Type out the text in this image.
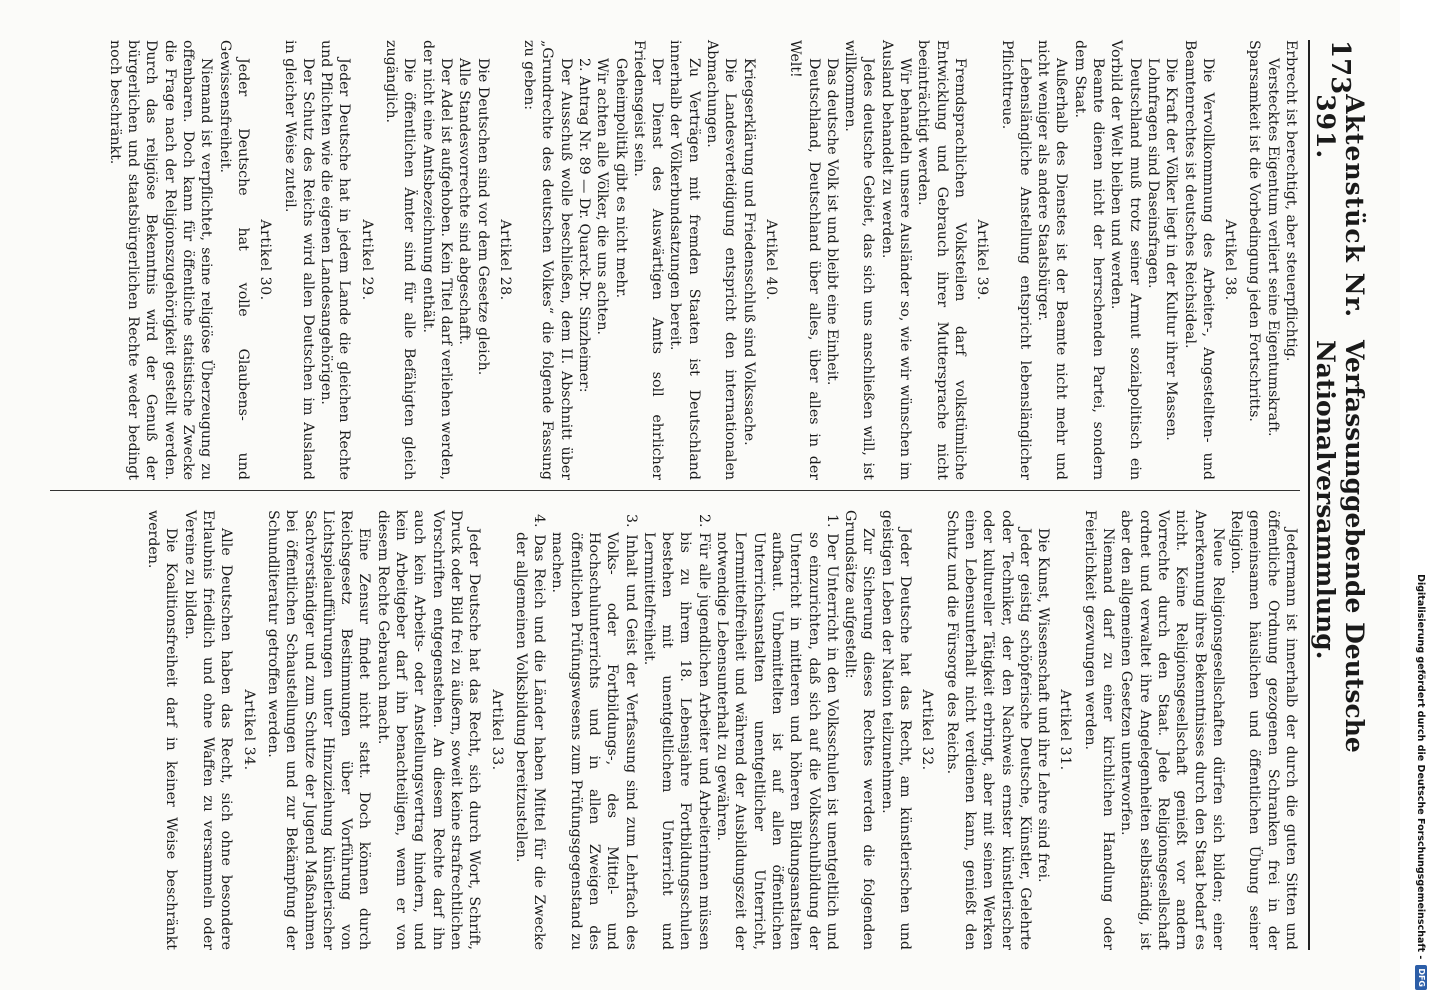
173
Aktenstück Nr. 391.
Verfassunggebende Deutsche Nationalversammlung.

Jedermann ist innerhalb der durch die guten Sitten und öffentliche Ordnung gezogenen Schranken frei in der gemeinsamen häuslichen und öffentlichen Übung seiner Religion.

Neue Religionsgesellschaften dürfen sich bilden; einer Anerkennung ihres Bekenntnisses durch den Staat bedarf es nicht. Keine Religionsgesellschaft genießt vor andern Vorrechte durch den Staat. Jede Religionsgesellschaft ordnet und verwaltet ihre Angelegenheiten selbständig, ist aber den allgemeinen Gesetzen unterworfen.

Niemand darf zu einer kirchlichen Handlung oder Feierlichkeit gezwungen werden.

Artikel 31.

Die Kunst, Wissenschaft und ihre Lehre sind frei.

Jeder geistig schöpferische Deutsche, Künstler, Gelehrte oder Techniker, der den Nachweis ernster künstlerischer oder kultureller Tätigkeit erbringt, aber mit seinen Werken einen Lebensunterhalt nicht verdienen kann, genießt den Schutz und die Fürsorge des Reichs.

Artikel 32.

Jeder Deutsche hat das Recht, am künstlerischen und geistigen Leben der Nation teilzunehmen.

Zur Sicherung dieses Rechtes werden die folgenden Grundsätze aufgestellt:

1. Der Unterricht in den Volksschulen ist unentgeltlich und so einzurichten, daß sich auf die Volksschulbildung der Unterricht in mittleren und höheren Bildungsanstalten aufbaut. Unbemittelten ist auf allen öffentlichen Unterrichtsanstalten unentgeltlicher Unterricht, Lernmittelfreiheit und während der Ausbildungszeit der notwendige Lebensunterhalt zu gewähren.

2. Für alle jugendlichen Arbeiter und Arbeiterinnen müssen bis zu ihrem 18. Lebensjahre Fortbildungsschulen bestehen mit unentgeltlichem Unterricht und Lernmittelfreiheit.

3. Inhalt und Geist der Verfassung sind zum Lehrfach des Volks- oder Fortbildungs-, des Mittel- und Hochschulunterrichts und in allen Zweigen des öffentlichen Prüfungswesens zum Prüfungsgegenstand zu machen.

4. Das Reich und die Länder haben Mittel für die Zwecke der allgemeinen Volksbildung bereitzustellen.

Artikel 33.

Jeder Deutsche hat das Recht, sich durch Wort, Schrift, Druck oder Bild frei zu äußern, soweit keine strafrechtlichen Vorschriften entgegenstehen. An diesem Rechte darf ihn auch kein Arbeits- oder Anstellungsvertrag hindern, und kein Arbeitgeber darf ihn benachteiligen, wenn er von diesem Rechte Gebrauch macht.

Eine Zensur findet nicht statt. Doch können durch Reichsgesetz Bestimmungen über Vorführung von Lichtspielaufführungen unter Hinzuziehung künstlerischer Sachverständiger und zum Schutze der Jugend Maßnahmen bei öffentlichen Schaustellungen und zur Bekämpfung der Schundliteratur getroffen werden.

Artikel 34.

Alle Deutschen haben das Recht, sich ohne besondere Erlaubnis friedlich und ohne Waffen zu versammeln oder Vereine zu bilden.

Die Koalitionsfreiheit darf in keiner Weise beschränkt werden.

Erbrecht ist berechtigt, aber steuerpflichtig.

Verstecktes Eigentum verliert seine Eigentumskraft.

Sparsamkeit ist die Vorbedingung jeden Fortschritts.

Artikel 38.

Die Vervollkommnung des Arbeiter-, Angestellten- und Beamtenrechtes ist deutsches Reichsideal.

Die Kraft der Völker liegt in der Kultur ihrer Massen.

Lohnfragen sind Daseinsfragen.

Deutschland muß trotz seiner Armut sozialpolitisch ein Vorbild der Welt bleiben und werden.

Beamte dienen nicht der herrschenden Partei, sondern dem Staat.

Außerhalb des Dienstes ist der Beamte nicht mehr und nicht weniger als andere Staatsbürger.

Lebenslängliche Anstellung entspricht lebenslänglicher Pflichttreue.

Artikel 39.

Fremdsprachlichen Volksteilen darf volkstümliche Entwicklung und Gebrauch ihrer Muttersprache nicht beeinträchtigt werden.

Wir behandeln unsere Ausländer so, wie wir wünschen im Ausland behandelt zu werden.

Jedes deutsche Gebiet, das sich uns anschließen will, ist willkommen.

Das deutsche Volk ist und bleibt eine Einheit.

Deutschland, Deutschland über alles, über alles in der Welt!

Artikel 40.

Kriegserklärung und Friedensschluß sind Volkssache.

Die Landesverteidigung entspricht den internationalen Abmachungen.

Zu Verträgen mit fremden Staaten ist Deutschland innerhalb der Völkerbundsatzungen bereit.

Der Dienst des Auswärtigen Amts soll ehrlicher Friedensgeist sein.

Geheimpolitik gibt es nicht mehr.

Wir achten alle Völker, die uns achten.

2. Antrag Nr. 89 — Dr. Quarck-Dr. Sinzheimer:

Der Ausschuß wolle beschließen, dem II. Abschnitt über „Grundrechte des deutschen Volkes“ die folgende Fassung zu geben:

Artikel 28.

Die Deutschen sind vor dem Gesetze gleich.

Alle Standesvorrechte sind abgeschafft.

Der Adel ist aufgehoben. Kein Titel darf verliehen werden, der nicht eine Amtsbezeichnung enthält.

Die öffentlichen Ämter sind für alle Befähigten gleich zugänglich.

Artikel 29.

Jeder Deutsche hat in jedem Lande die gleichen Rechte und Pflichten wie die eigenen Landesangehörigen.

Der Schutz des Reichs wird allen Deutschen im Ausland in gleicher Weise zuteil.

Artikel 30.

Jeder Deutsche hat volle Glaubens- und Gewissensfreiheit.

Niemand ist verpflichtet, seine religiöse Überzeugung zu offenbaren. Doch kann für öffentliche statistische Zwecke die Frage nach der Religionszugehörigkeit gestellt werden. Durch das religiöse Bekenntnis wird der Genuß der bürgerlichen und staatsbürgerlichen Rechte weder bedingt noch beschränkt.

Digitalisierung gefördert durch die Deutsche Forschungsgemeinschaft -
DFG
